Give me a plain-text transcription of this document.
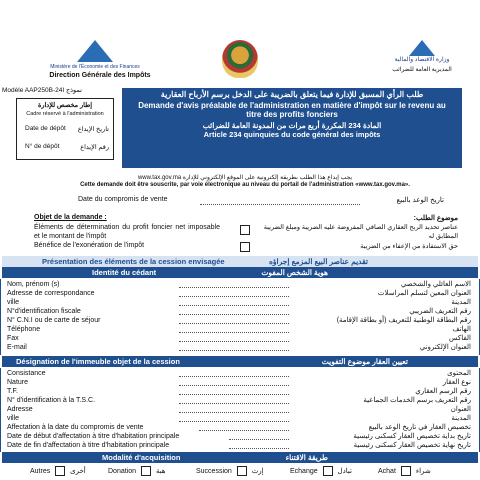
Ministère de l'Économie et des Finances
Direction Générale des Impôts
وزارة الاقتصاد والمالية
المديرية العامة للضرائب
Modèle AAP250B-24I نموذج
إطار مخصص للإدارة
Cadre réservé à l'administration
Date de dépôt تاريخ الإيداع
N° de dépôt	رقم الإيداع
طلب الرأي المسبق للإدارة فيما يتعلق بالضريبة على الدخل برسم الأرباح العقارية
Demande d'avis préalable de l'administration en matière d'impôt sur le revenu au titre des profits fonciers
المادة 234 المكررة أربع مرات من المدونة العامة للضرائب
Article 234 quinquies du code général des impôts
يجب إيداع هذا الطلب بطريقة إلكترونية على الموقع الإلكتروني للإدارة www.tax.gov.ma
Cette demande doit être souscrite, par voie électronique au niveau du portail de l'administration «www.tax.gov.ma».
Date du compromis de vente	تاريخ الوعد بالبيع
Objet de la demande :	موضوع الطلب:
Éléments de détermination du profit foncier net imposable et le montant de l'impôt
عناصر تحديد الربح العقاري الصافي المفروضة عليه الضريبة ومبلغ الضريبة المطابق له
Bénéfice de l'exonération de l'impôt	حق الاستفادة من الإعفاء من الضريبة
Présentation des éléments de la cession envisagée	تقديم عناصر البيع المزمع إجراؤه
Identité du cédant	هوية الشخص المفوت
Nom, prénom (s)	الاسم العائلي والشخصي
Adresse de correspondance	العنوان المعين لتسلم المراسلات
ville	المدينة
N°d'identification fiscale	رقم التعريف الضريبي
N° C.N.I ou de carte de séjour	رقم البطاقة الوطنية للتعريف (أو بطاقة الإقامة)
Téléphone	الهاتف
Fax	الفاكس
E-mail	العنوان الإلكتروني
Désignation de l'immeuble objet de la cession	تعيين العقار موضوع التفويت
Consistance	المحتوى
Nature	نوع العقار
T.F.	رقم الرسم العقاري
N° d'identification à la T.S.C.	رقم التعريف برسم الخدمات الجماعية
Adresse	العنوان
ville	المدينة
Affectation à la date du compromis de vente	تخصيص العقار في تاريخ الوعد بالبيع
Date de début d'affectation à titre d'habitation principale	تاريخ بداية تخصيص العقار كسكنى رئيسية
Date de fin d'affectation à titre d'habitation principale	تاريخ نهاية تخصيص العقار كسكنى رئيسية
Modalité d'acquisition	طريقة الاقتناء
Autres	أخرى	Donation	هبة	Succession	إرث	Echange	تبادل	Achat	شراء
